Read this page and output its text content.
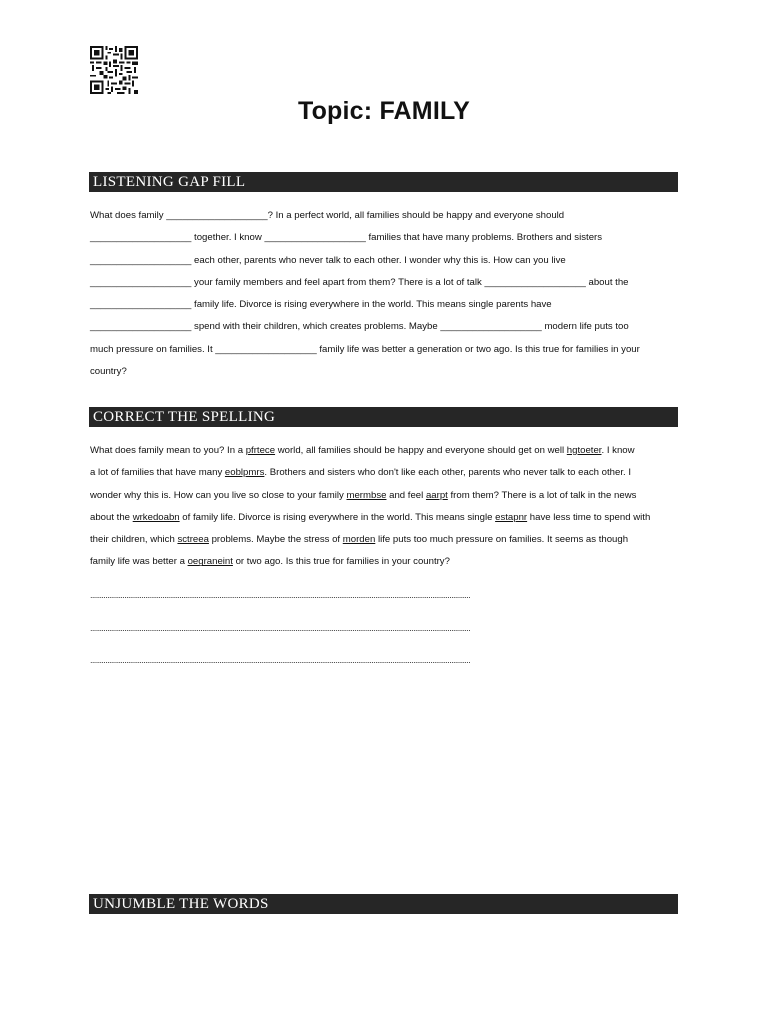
Topic: FAMILY
LISTENING GAP FILL
What does family ___________________? In a perfect world, all families should be happy and everyone should
___________________ together. I know ___________________ families that have many problems. Brothers and sisters
___________________ each other, parents who never talk to each other. I wonder why this is. How can you live
___________________ your family members and feel apart from them? There is a lot of talk ___________________ about the
___________________ family life. Divorce is rising everywhere in the world. This means single parents have
___________________ spend with their children, which creates problems. Maybe ___________________ modern life puts too
much pressure on families. It ___________________ family life was better a generation or two ago. Is this true for families in your
country?
CORRECT THE SPELLING
What does family mean to you? In a pfrtece world, all families should be happy and everyone should get on well hgtoeter. I know
a lot of families that have many eoblpmrs. Brothers and sisters who don't like each other, parents who never talk to each other. I
wonder why this is. How can you live so close to your family mermbse and feel aarpt from them? There is a lot of talk in the news
about the wrkedoabn of family life. Divorce is rising everywhere in the world. This means single estapnr have less time to spend with
their children, which sctreea problems. Maybe the stress of morden life puts too much pressure on families. It seems as though
family life was better a oegraneint or two ago. Is this true for families in your country?
........................................................................................................................................................................................................
........................................................................................................................................................................................................
........................................................................................................................................................................................................
UNJUMBLE THE WORDS
